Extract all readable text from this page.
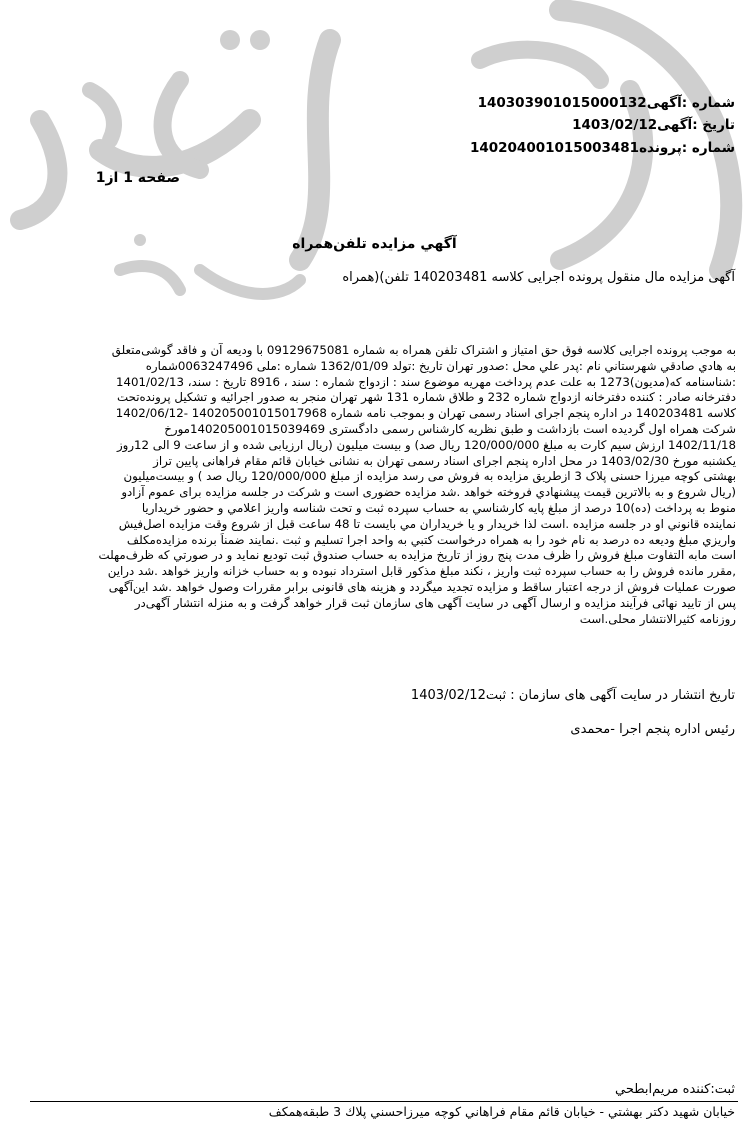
شماره :آگهی140303901015000132
تاریخ :آگهی1403/02/12
شماره :پرونده140204001015003481
صفحه 1 از1
آگهي مزايده تلفن‌همراه
آگهی مزایده مال منقول پرونده اجرایی کلاسه 140203481 تلفن)(همراه
به موجب پرونده اجرایی کلاسه فوق حق امتیاز و اشتراک تلفن همراه به شماره 09129675081 با ودیعه آن و فاقد گوشی‌متعلق
به هادي صادقي شهرستاني نام :پدر علي محل :صدور تهران تاریخ :تولد 1362/01/09 شماره :ملی 0063247496شماره
:شناسنامه که(مدیون)1273 به علت عدم پرداخت مهریه موضوع سند : ازدواج شماره : سند ، 8916 تاریخ : سند، 1401/02/13
دفترخانه صادر : كننده دفترخانه ازدواج شماره 232 و طلاق شماره 131 شهر تهران منجر به صدور اجرائیه و تشکیل پرونده‌تحت
کلاسه 140203481 در اداره پنجم اجرای اسناد رسمی تهران و بموجب نامه شماره 140205001015017968 -1402/06/12
شرکت همراه اول گردیده است بازداشت و طبق نظریه کارشناس رسمی دادگستری 140205001015039469مورخ
1402/11/18 ارزش سیم کارت به مبلغ 120/000/000 ریال صد) و بیست میلیون (ریال ارزیابی شده و از ساعت 9 الی 12روز
یکشنبه مورخ 1403/02/30 در محل اداره پنجم اجرای اسناد رسمی تهران به نشانی خیابان قائم مقام فراهانی پایین تراز
بهشتی کوچه میرزا حسنی پلاک 3 ازطریق مزایده به فروش می رسد مزایده از مبلغ 120/000/000 ریال صد ) و بیست‌میلیون
(ریال شروع و به بالاترین قیمت پیشنهادي فروخته خواهد .شد مزایده حضوری است و شرکت در جلسه مزایده برای عموم آزادو
منوط به پرداخت (ده)10 درصد از مبلغ پایه کارشناسي به حساب سپرده ثبت و تحت شناسه واریز اعلامي و حضور خریداریا
نماینده قانوني او در جلسه مزایده .است لذا خریدار و یا خریداران مي بایست تا 48 ساعت قبل از شروع وقت مزایده اصل‌فیش
واریزي مبلغ ودیعه ده درصد به نام خود را به همراه درخواست کتبي به واحد اجرا تسلیم و ثبت .نمایند ضمناً برنده مزایده‌مکلف
است مابه التفاوت مبلغ فروش را ظرف مدت پنج روز از تاریخ مزایده به حساب صندوق ثبت تودیع نماید و در صورتي كه ظرف‌مهلت
,مقرر مانده فروش را به حساب سپرده ثبت واریز ، نکند مبلغ مذکور قابل استرداد نبوده و به حساب خزانه واریز خواهد .شد دراین
صورت عملیات فروش از درجه اعتبار ساقط و مزایده تجدید میگردد و هزینه های قانونی برابر مقررات وصول خواهد .شد این‌آگهی
پس از تایید نهائی فرآیند مزایده و ارسال آگهی در سایت آگهی های سازمان ثبت قرار خواهد گرفت و به منزله انتشار آگهی‌در
روزنامه کثیرالانتشار محلی.است
تاریخ انتشار در سایت آگهی های سازمان : ثبت1403/02/12
رئيس اداره پنجم اجرا -محمدی
ثبت:کننده مریم‌ابطحي
خيابان شهيد دكتر بهشتي - خيابان قائم مقام فراهاني كوچه ميرزاحسني پلاك 3 طبقه‌همكف
